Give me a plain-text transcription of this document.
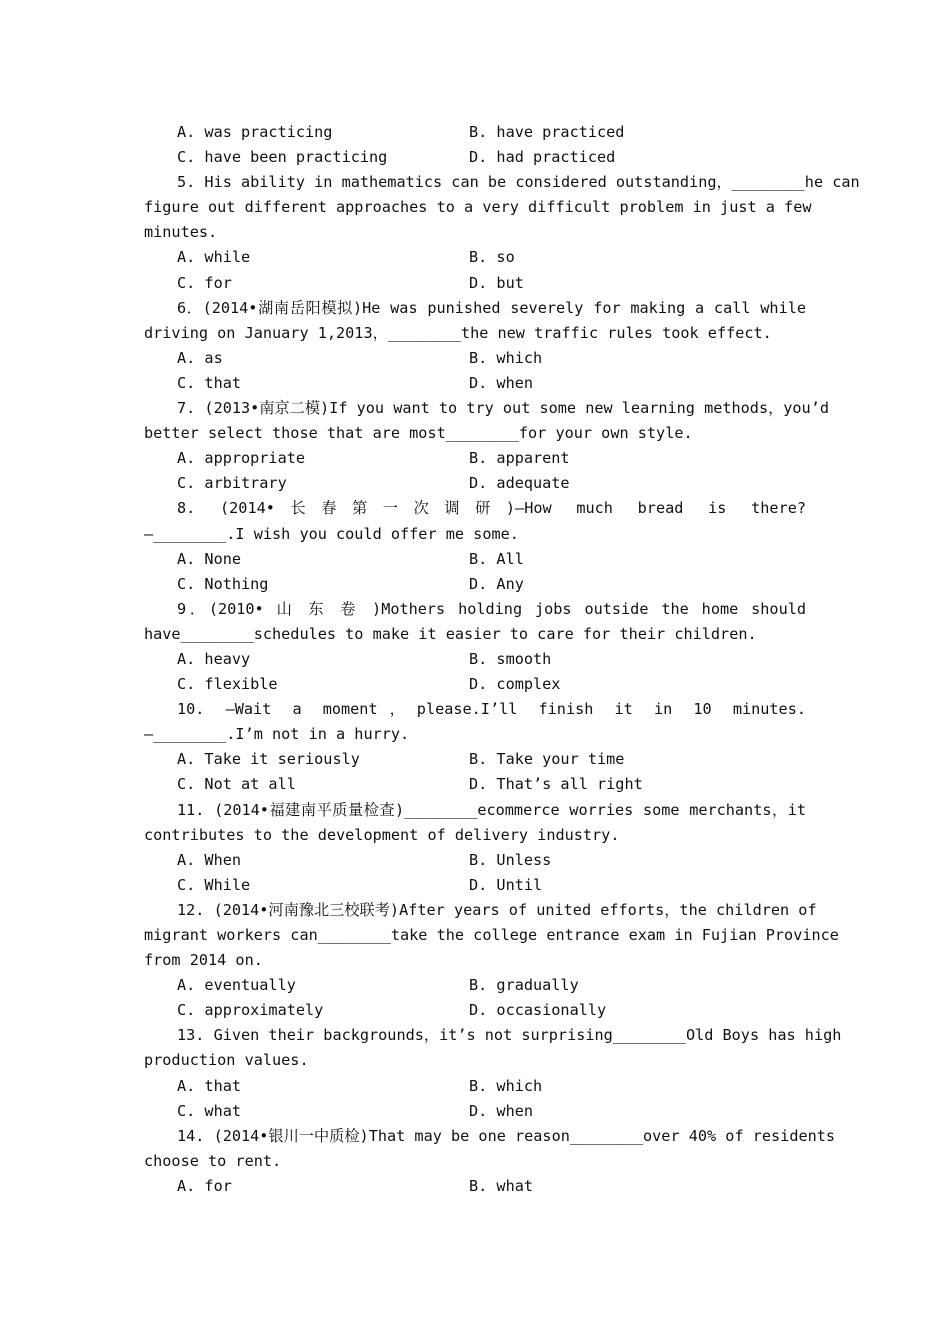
A. was practicing	B. have practiced
C. have been practicing	D. had practiced
5. His ability in mathematics can be considered outstanding，________he can
figure out different approaches to a very difficult problem in just a few
minutes.
A. while	B. so
C. for	D. but
6．(2014•湖南岳阳模拟)He was punished severely for making a call while
driving on January 1,2013，________the new traffic rules took effect.
A. as	B. which
C. that	D. when
7. (2013•南京二模)If you want to try out some new learning methods，you’d
better select those that are most________for your own style.
A. appropriate	B. apparent
C. arbitrary	D. adequate
8. (2014•长春第一次调研)—How much bread is there?
—________.I wish you could offer me some.
A. None	B. All
C. Nothing	D. Any
9．(2010• 山 东 卷 )Mothers holding jobs outside the home should
have________schedules to make it easier to care for their children.
A. heavy	B. smooth
C. flexible	D. complex
10. —Wait a moment，please.I’ll finish it in 10 minutes.
—________.I’m not in a hurry.
A. Take it seriously	B. Take your time
C. Not at all	D. That’s all right
11. (2014•福建南平质量检查)________ecommerce worries some merchants，it
contributes to the development of delivery industry.
A. When	B. Unless
C. While	D. Until
12. (2014•河南豫北三校联考)After years of united efforts，the children of
migrant workers can________take the college entrance exam in Fujian Province
from 2014 on.
A. eventually	B. gradually
C. approximately	D. occasionally
13. Given their backgrounds，it’s not surprising________Old Boys has high
production values.
A. that	B. which
C. what	D. when
14. (2014•银川一中质检)That may be one reason________over 40% of residents
choose to rent.
A. for	B. what
